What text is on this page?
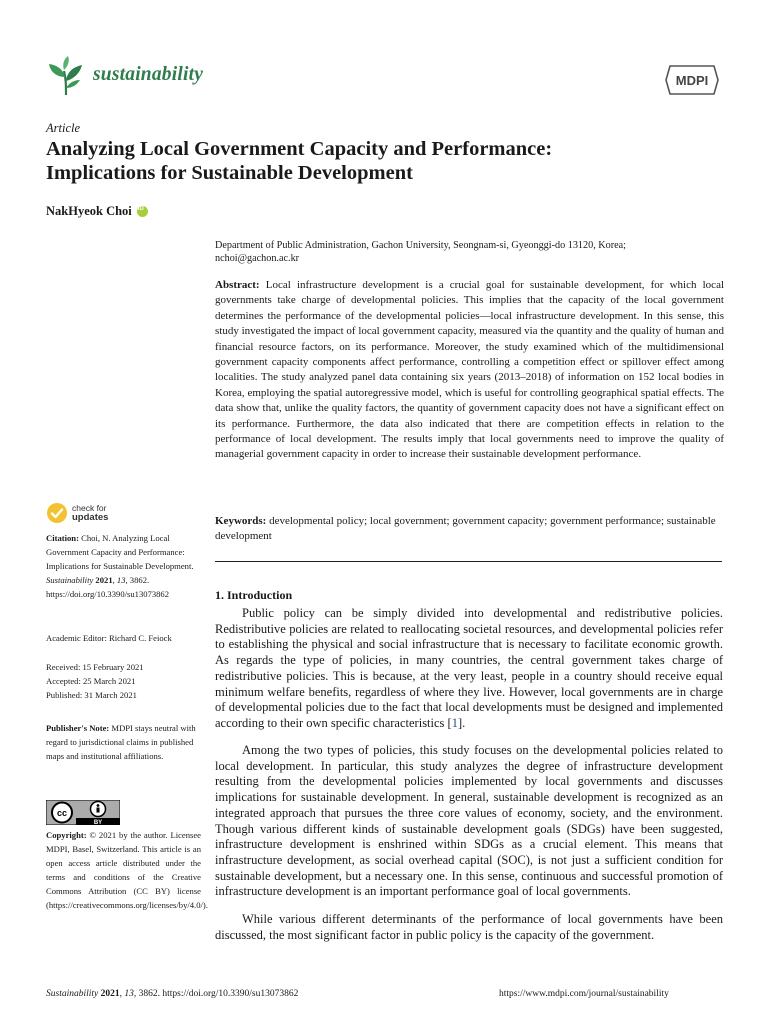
sustainability	MDPI
Article
Analyzing Local Government Capacity and Performance:
Implications for Sustainable Development
NakHyeok Choi
iD
Department of Public Administration, Gachon University, Seongnam-si, Gyeonggi-do 13120, Korea;
nchoi@gachon.ac.kr
Abstract: Local infrastructure development is a crucial goal for sustainable development, for which local governments take charge of developmental policies. This implies that the capacity of the local government determines the performance of the developmental policies—local infrastructure development. In this sense, this study investigated the impact of local government capacity, measured via the quantity and the quality of human and financial resource factors, on its performance. Moreover, the study examined which of the multidimensional government capacity components affect performance, controlling a competition effect or spillover effect among localities. The study analyzed panel data containing six years (2013–2018) of information on 152 local bodies in Korea, employing the spatial autoregressive model, which is useful for controlling geographical spatial effects. The data show that, unlike the quality factors, the quantity of government capacity does not have a significant effect on its performance. Furthermore, the data also indicated that there are competition effects in relation to the performance of local development. The results imply that local governments need to improve the quality of managerial government capacity in order to increase their sustainable development performance.
Keywords: developmental policy; local government; government capacity; government performance; sustainable development
check for
updates
Citation: Choi, N. Analyzing Local Government Capacity and Performance: Implications for Sustainable Development. Sustainability 2021, 13, 3862. https://doi.org/10.3390/su13073862
Academic Editor: Richard C. Feiock
Received: 15 February 2021
Accepted: 25 March 2021
Published: 31 March 2021
Publisher's Note: MDPI stays neutral with regard to jurisdictional claims in published maps and institutional affiliations.
cc
BY
Copyright: © 2021 by the author. Licensee MDPI, Basel, Switzerland. This article is an open access article distributed under the terms and conditions of the Creative Commons Attribution (CC BY) license (https://creativecommons.org/licenses/by/4.0/).
1. Introduction
Public policy can be simply divided into developmental and redistributive policies. Redistributive policies are related to reallocating societal resources, and developmental policies refer to establishing the physical and social infrastructure that is necessary to facilitate economic growth. As regards the type of policies, in many countries, the central government takes charge of redistributive policies. This is because, at the very least, people in a country should receive equal minimum welfare benefits, regardless of where they live. However, local governments are in charge of developmental policies due to the fact that local developments must be designed and implemented according to their own specific characteristics [1].
Among the two types of policies, this study focuses on the developmental policies related to local development. In particular, this study analyzes the degree of infrastructure development resulting from the developmental policies implemented by local governments and discusses implications for sustainable development. In general, sustainable development is recognized as an integrated approach that pursues the three core values of economy, society, and the environment. Though various different kinds of sustainable development goals (SDGs) have been suggested, infrastructure development is enshrined within SDGs as a crucial element. This means that infrastructure development, as social overhead capital (SOC), is not just a sufficient condition for sustainable development, but a necessary one. In this sense, continuous and successful promotion of infrastructure development is an important performance goal of local governments.
While various different determinants of the performance of local governments have been discussed, the most significant factor in public policy is the capacity of the government.
Sustainability 2021, 13, 3862. https://doi.org/10.3390/su13073862	https://www.mdpi.com/journal/sustainability
